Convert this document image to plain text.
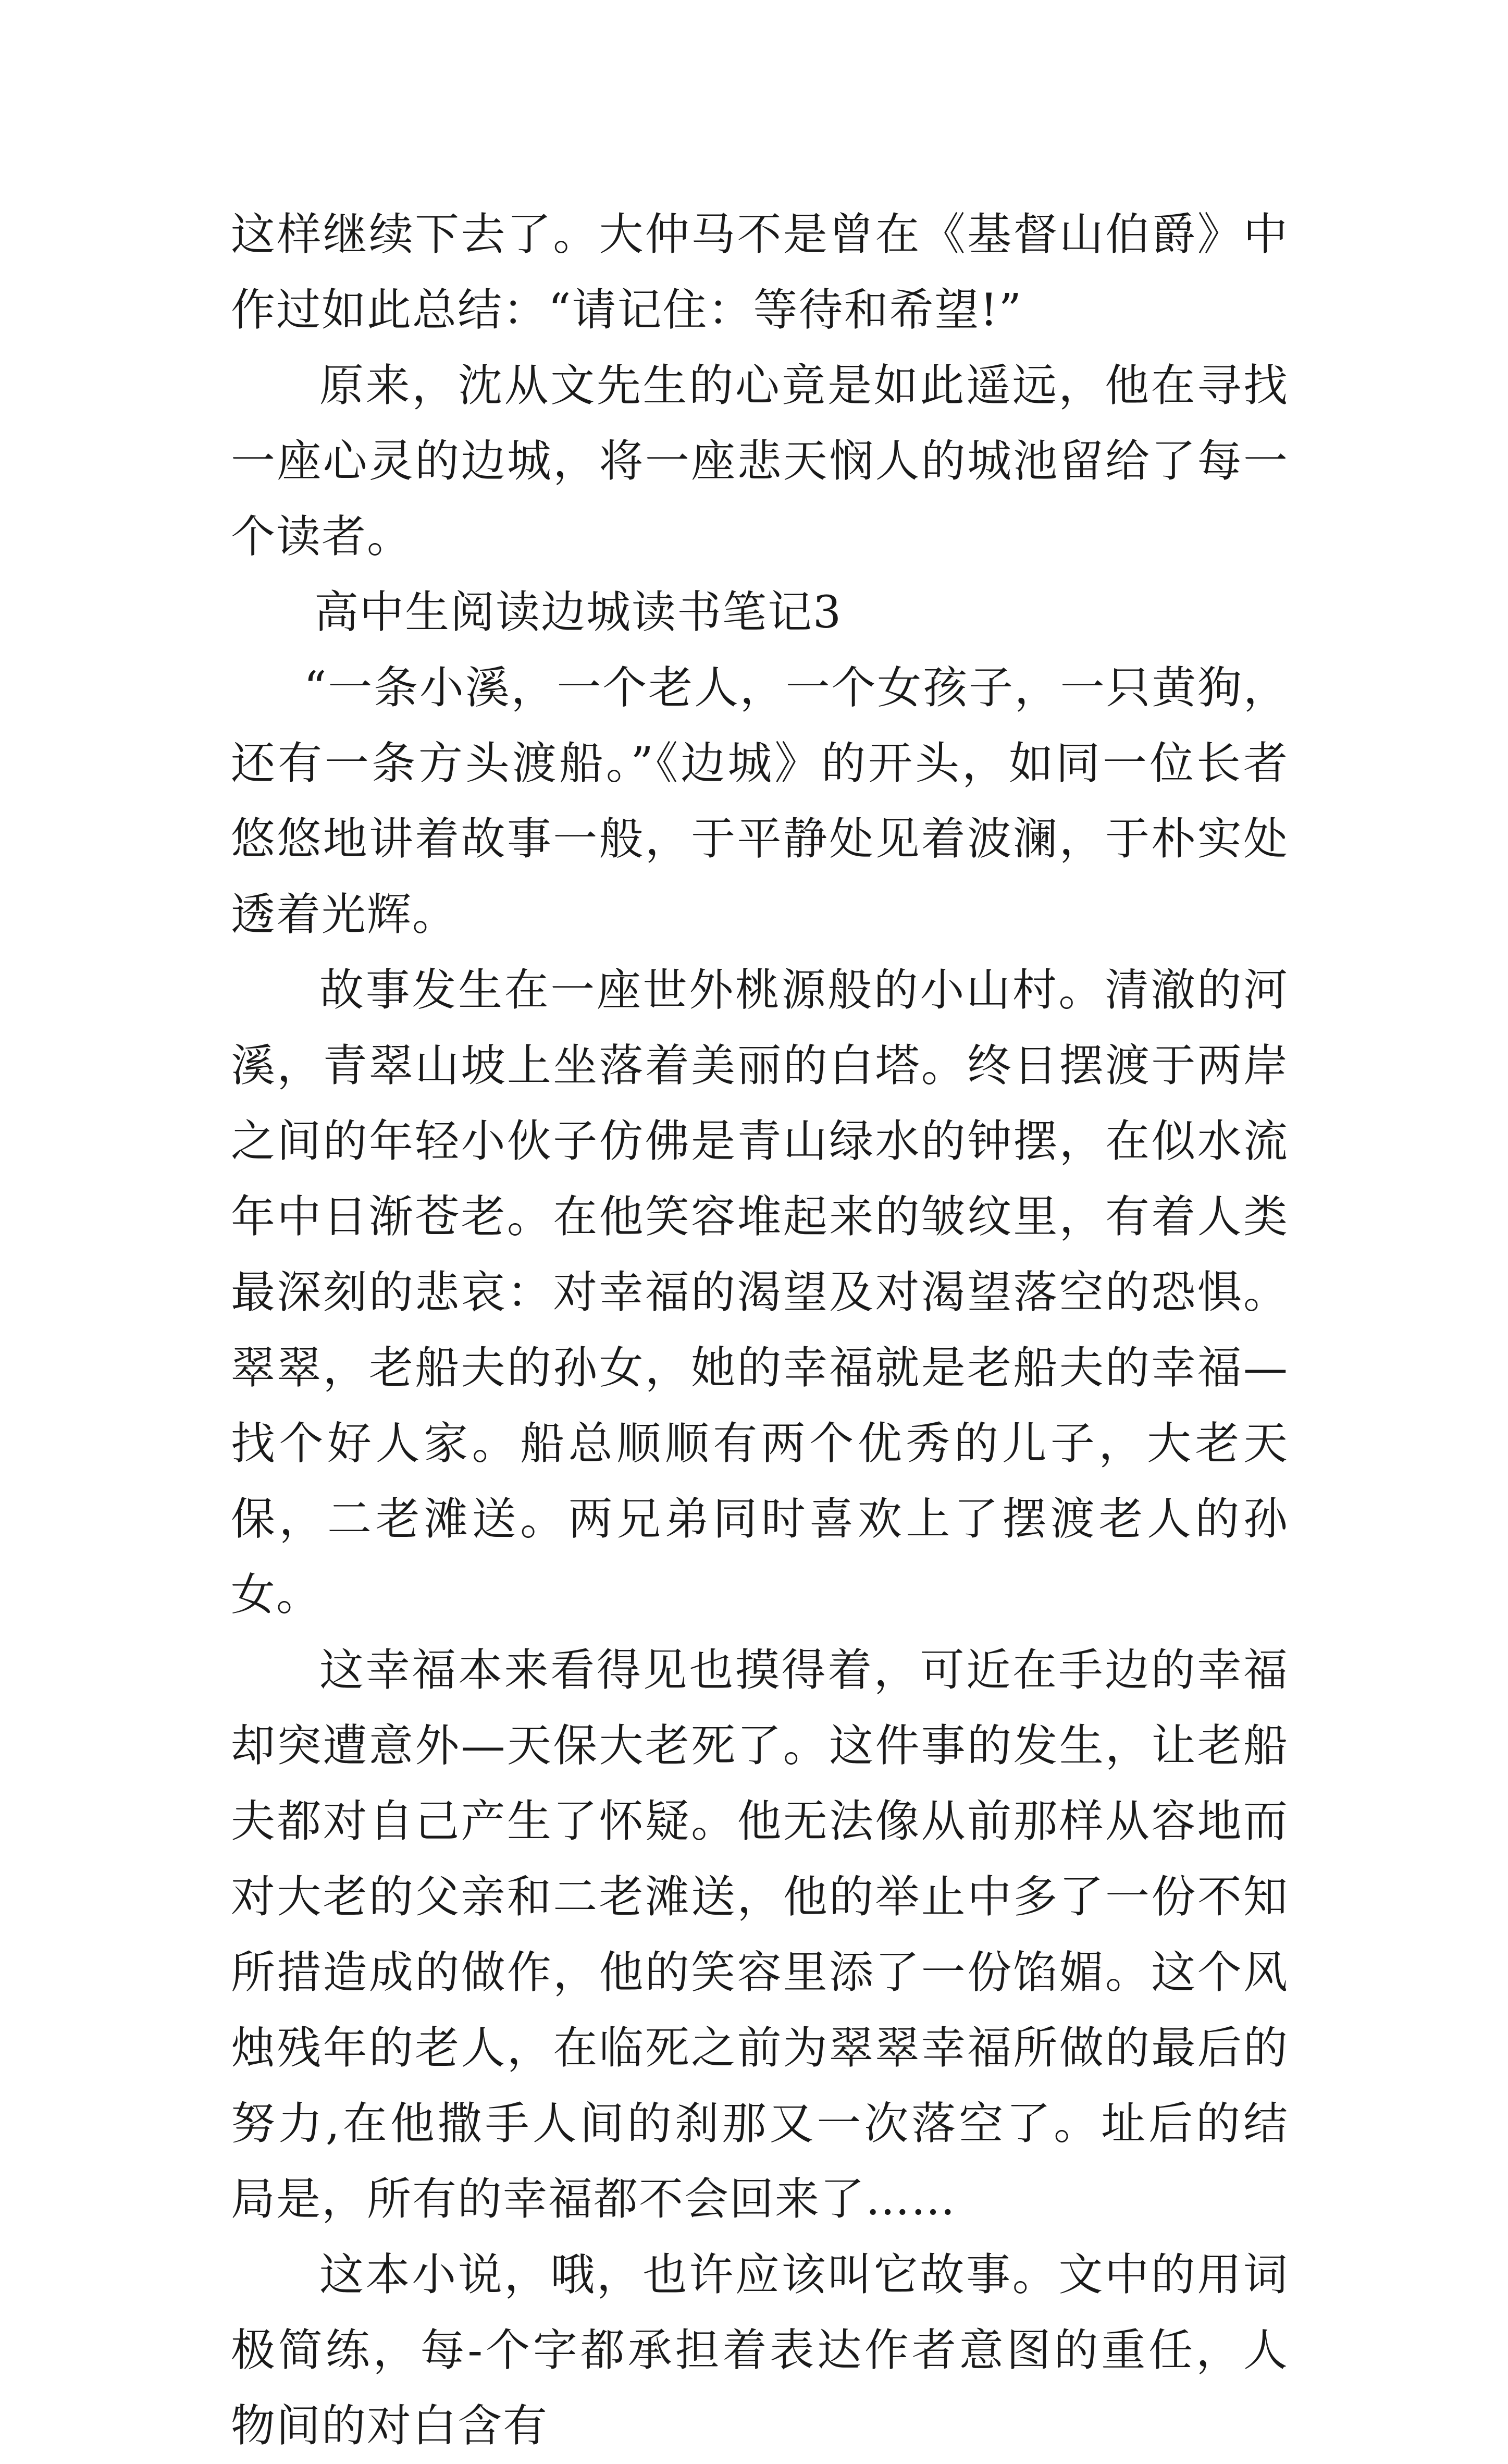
这样继续下去了。大仲马不是曾在《基督山伯爵》中作过如此总结：“请记住：等待和希望!”

原来，沈从文先生的心竟是如此遥远，他在寻找一座心灵的边城，将一座悲天悯人的城池留给了每一个读者。

高中生阅读边城读书笔记3

“一条小溪，一个老人，一个女孩子，一只黄狗，还有一条方头渡船。”《边城》的开头，如同一位长者悠悠地讲着故事一般，于平静处见着波澜，于朴实处透着光辉。

故事发生在一座世外桃源般的小山村。清澈的河溪，青翠山坡上坐落着美丽的白塔。终日摆渡于两岸之间的年轻小伙子仿佛是青山绿水的钟摆，在似水流年中日渐苍老。在他笑容堆起来的皱纹里，有着人类最深刻的悲哀：对幸福的渴望及对渴望落空的恐惧。翠翠，老船夫的孙女，她的幸福就是老船夫的幸福—找个好人家。船总顺顺有两个优秀的儿子，大老天保，二老滩送。两兄弟同时喜欢上了摆渡老人的孙女。

这幸福本来看得见也摸得着，可近在手边的幸福却突遭意外—天保大老死了。这件事的发生，让老船夫都对自己产生了怀疑。他无法像从前那样从容地而对大老的父亲和二老滩送，他的举止中多了一份不知所措造成的做作，他的笑容里添了一份馅媚。这个风烛残年的老人，在临死之前为翠翠幸福所做的最后的努力,在他撒手人间的刹那又一次落空了。址后的结局是，所有的幸福都不会回来了……

这本小说，哦，也许应该叫它故事。文中的用词极简练，每-个字都承担着表达作者意图的重任，人物间的对白含有
